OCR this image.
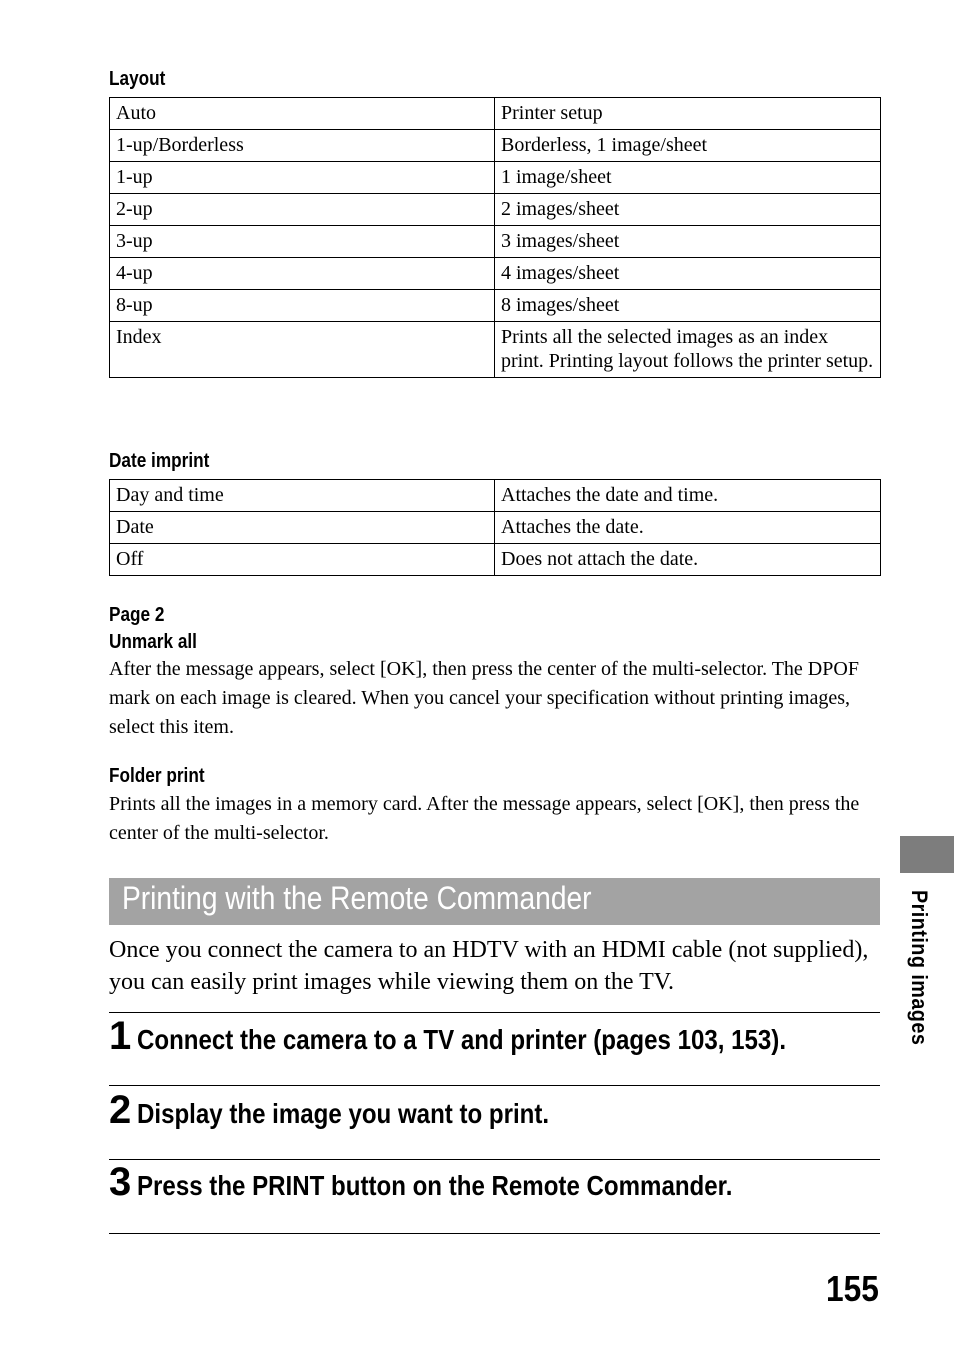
Layout
Auto	Printer setup
1-up/Borderless	Borderless, 1 image/sheet
1-up	1 image/sheet
2-up	2 images/sheet
3-up	3 images/sheet
4-up	4 images/sheet
8-up	8 images/sheet
Index	Prints all the selected images as an index print. Printing layout follows the printer setup.
Date imprint
Day and time	Attaches the date and time.
Date	Attaches the date.
Off	Does not attach the date.
Page 2
Unmark all

After the message appears, select [OK], then press the center of the multi-selector. The DPOF mark on each image is cleared. When you cancel your specification without printing images, select this item.

Folder print

Prints all the images in a memory card. After the message appears, select [OK], then press the center of the multi-selector.

Printing with the Remote Commander

Once you connect the camera to an HDTV with an HDMI cable (not supplied), you can easily print images while viewing them on the TV.

1 Connect the camera to a TV and printer (pages 103, 153).
2 Display the image you want to print.
3 Press the PRINT button on the Remote Commander.
Printing images
155
